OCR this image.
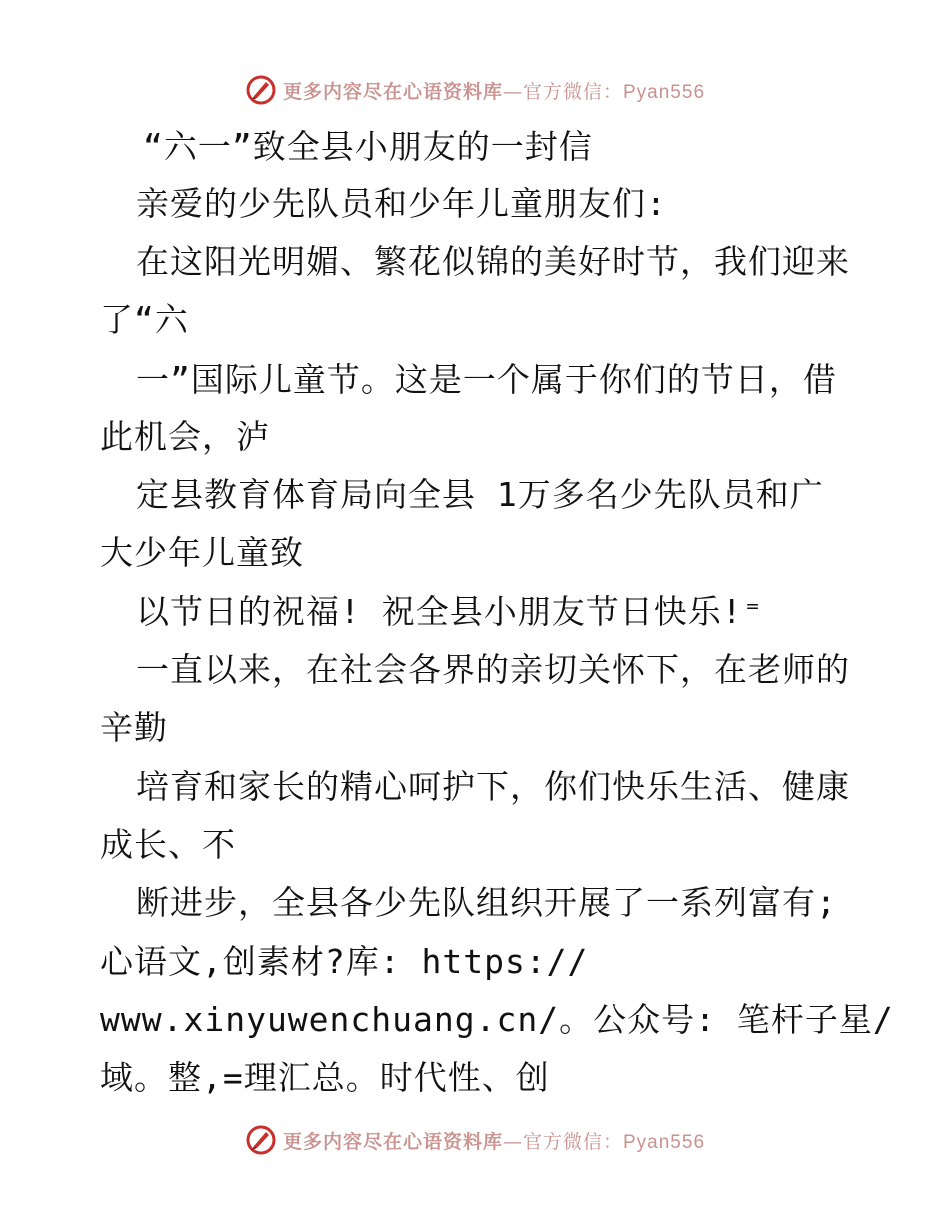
更多内容尽在心语资料库—官方微信：Pyan556
“六一”致全县小朋友的一封信
亲爱的少先队员和少年儿童朋友们:
在这阳光明媚、繁花似锦的美好时节，我们迎来
了“六
一”国际儿童节。这是一个属于你们的节日，借
此机会，泸
定县教育体育局向全县 1万多名少先队员和广
大少年儿童致
以节日的祝福! 祝全县小朋友节日快乐!⁼
一直以来，在社会各界的亲切关怀下，在老师的
辛勤
培育和家长的精心呵护下，你们快乐生活、健康
成长、不
断进步，全县各少先队组织开展了一系列富有;
心语文,创素材?库: https://
www.xinyuwenchuang.cn/。公众号: 笔杆子星/
域。整,=理汇总。时代性、创
更多内容尽在心语资料库—官方微信：Pyan556
